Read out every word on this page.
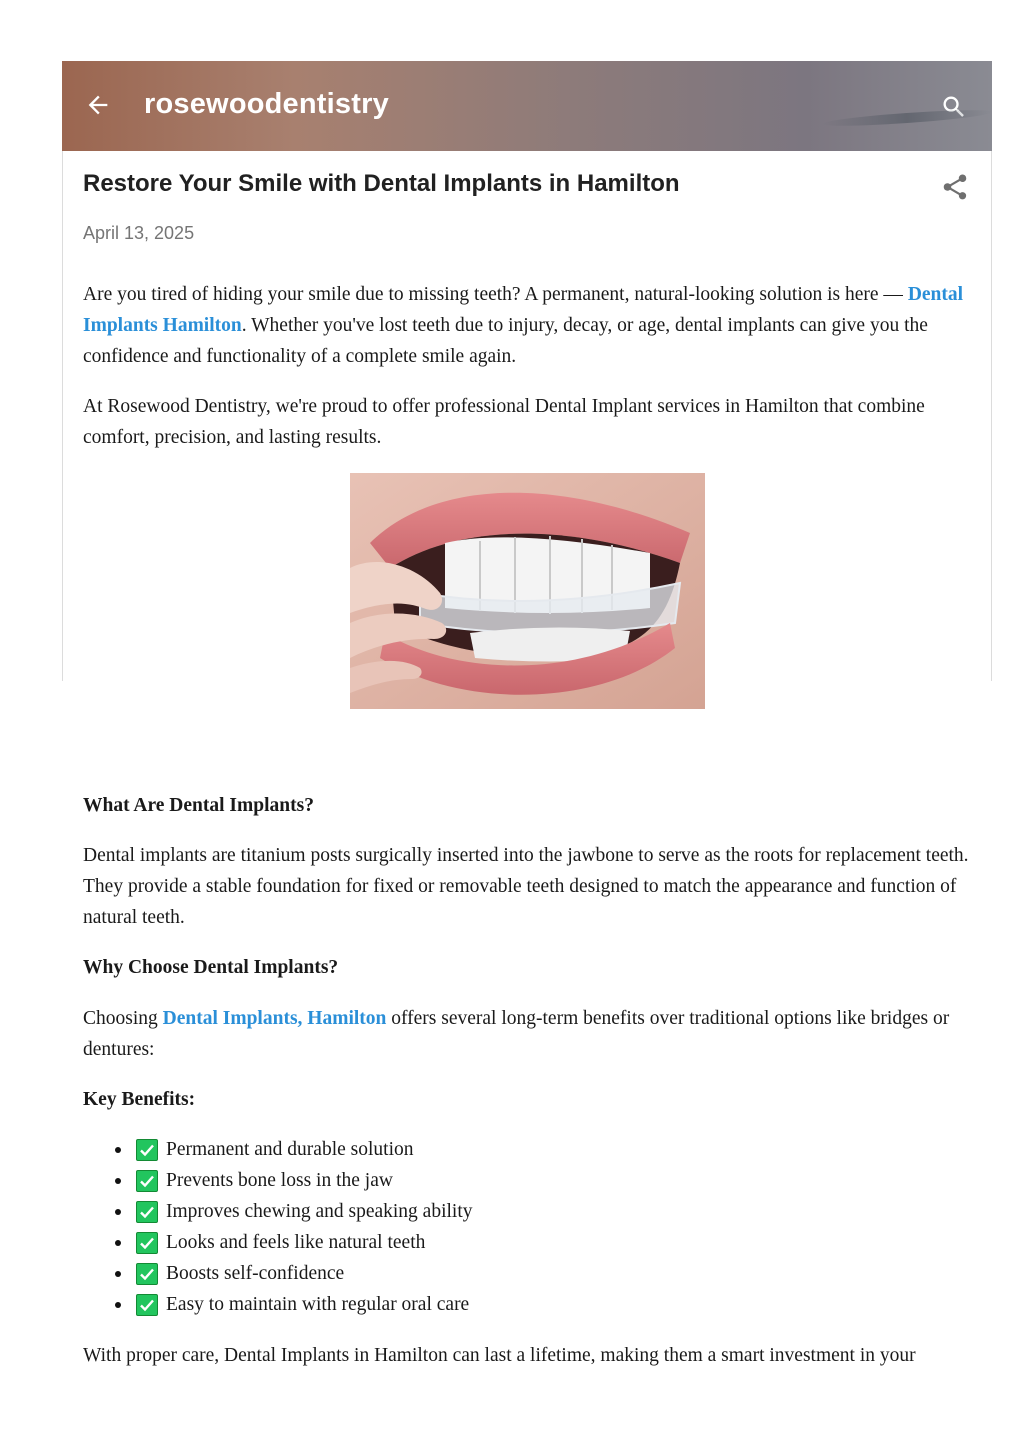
rosewoodentistry
Restore Your Smile with Dental Implants in Hamilton
April 13, 2025

Are you tired of hiding your smile due to missing teeth? A permanent, natural-looking solution is here — Dental Implants Hamilton. Whether you've lost teeth due to injury, decay, or age, dental implants can give you the confidence and functionality of a complete smile again.

At Rosewood Dentistry, we're proud to offer professional Dental Implant services in Hamilton that combine comfort, precision, and lasting results.

What Are Dental Implants?

Dental implants are titanium posts surgically inserted into the jawbone to serve as the roots for replacement teeth. They provide a stable foundation for fixed or removable teeth designed to match the appearance and function of natural teeth.

Why Choose Dental Implants?

Choosing Dental Implants, Hamilton offers several long-term benefits over traditional options like bridges or dentures:

Key Benefits:

Permanent and durable solution
Prevents bone loss in the jaw
Improves chewing and speaking ability
Looks and feels like natural teeth
Boosts self-confidence
Easy to maintain with regular oral care

With proper care, Dental Implants in Hamilton can last a lifetime, making them a smart investment in your
